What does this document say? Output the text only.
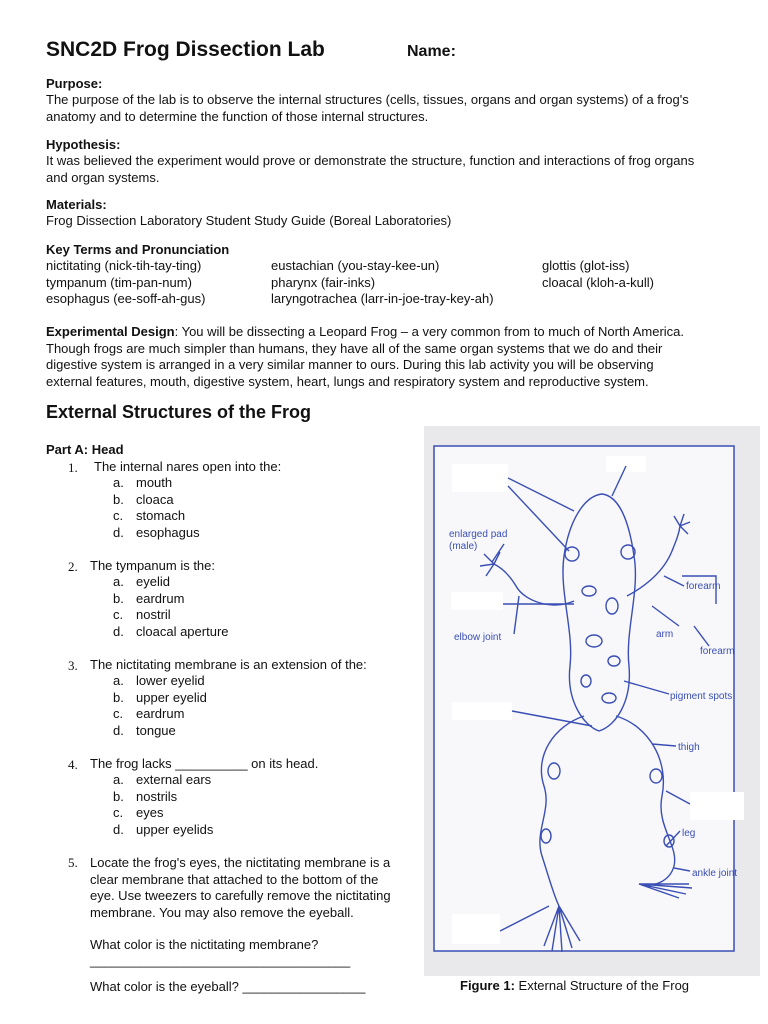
SNC2D Frog Dissection Lab	Name:
Purpose:
The purpose of the lab is to observe the internal structures (cells, tissues, organs and organ systems) of a frog's
anatomy and to determine the function of those internal structures.
Hypothesis:
It was believed the experiment would prove or demonstrate the structure, function and interactions of frog organs
and organ systems.
Materials:
Frog Dissection Laboratory Student Study Guide (Boreal Laboratories)
Key Terms and Pronunciation
nictitating (nick-tih-tay-ting)
tympanum (tim-pan-num)
esophagus (ee-soff-ah-gus)
eustachian (you-stay-kee-un)
pharynx (fair-inks)
laryngotrachea (larr-in-joe-tray-key-ah)
glottis (glot-iss)
cloacal (kloh-a-kull)
Experimental Design: You will be dissecting a Leopard Frog – a very common from to much of North America.
Though frogs are much simpler than humans, they have all of the same organ systems that we do and their
digestive system is arranged in a very similar manner to ours. During this lab activity you will be observing
external features, mouth, digestive system, heart, lungs and respiratory system and reproductive system.
External Structures of the Frog
Part A: Head
1. The internal nares open into the:
a. mouth
b. cloaca
c. stomach
d. esophagus
2. The tympanum is the:
a. eyelid
b. eardrum
c. nostril
d. cloacal aperture
3. The nictitating membrane is an extension of the:
a. lower eyelid
b. upper eyelid
c. eardrum
d. tongue
4. The frog lacks __________ on its head.
a. external ears
b. nostrils
c. eyes
d. upper eyelids
5. Locate the frog's eyes, the nictitating membrane is a
clear membrane that attached to the bottom of the
eye. Use tweezers to carefully remove the nictitating
membrane. You may also remove the eyeball.
What color is the nictitating membrane?
____________________________________
What color is the eyeball? _________________
enlarged pad
(male)
forearm
elbow joint	arm
forearm
pigment spots
thigh
leg
ankle joint
Figure 1: External Structure of the Frog
